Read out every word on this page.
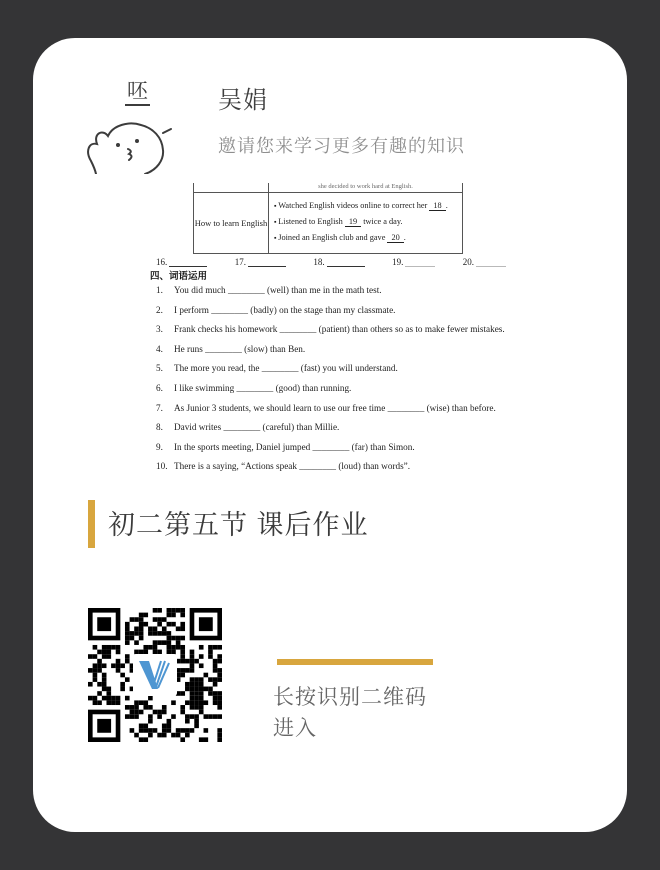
呸	吴娟
邀请您来学习更多有趣的知识
she decided to work hard at English.
How to learn English
▪ Watched English videos online to correct her 18 .
▪ Listened to English 19 twice a day.
▪ Joined an English club and gave 20 .
16.	17.	18.	19.	20.
四、词语运用
1.	You did much ________ (well) than me in the math test.
2.	I perform ________ (badly) on the stage than my classmate.
3.	Frank checks his homework ________ (patient) than others so as to make fewer mistakes.
4.	He runs ________ (slow) than Ben.
5.	The more you read, the ________ (fast) you will understand.
6.	I like swimming ________ (good) than running.
7.	As Junior 3 students, we should learn to use our free time ________ (wise) than before.
8.	David writes ________ (careful) than Millie.
9.	In the sports meeting, Daniel jumped ________ (far) than Simon.
10. There is a saying, “Actions speak ________ (loud) than words”.
初二第五节 课后作业
长按识别二维码
进入
